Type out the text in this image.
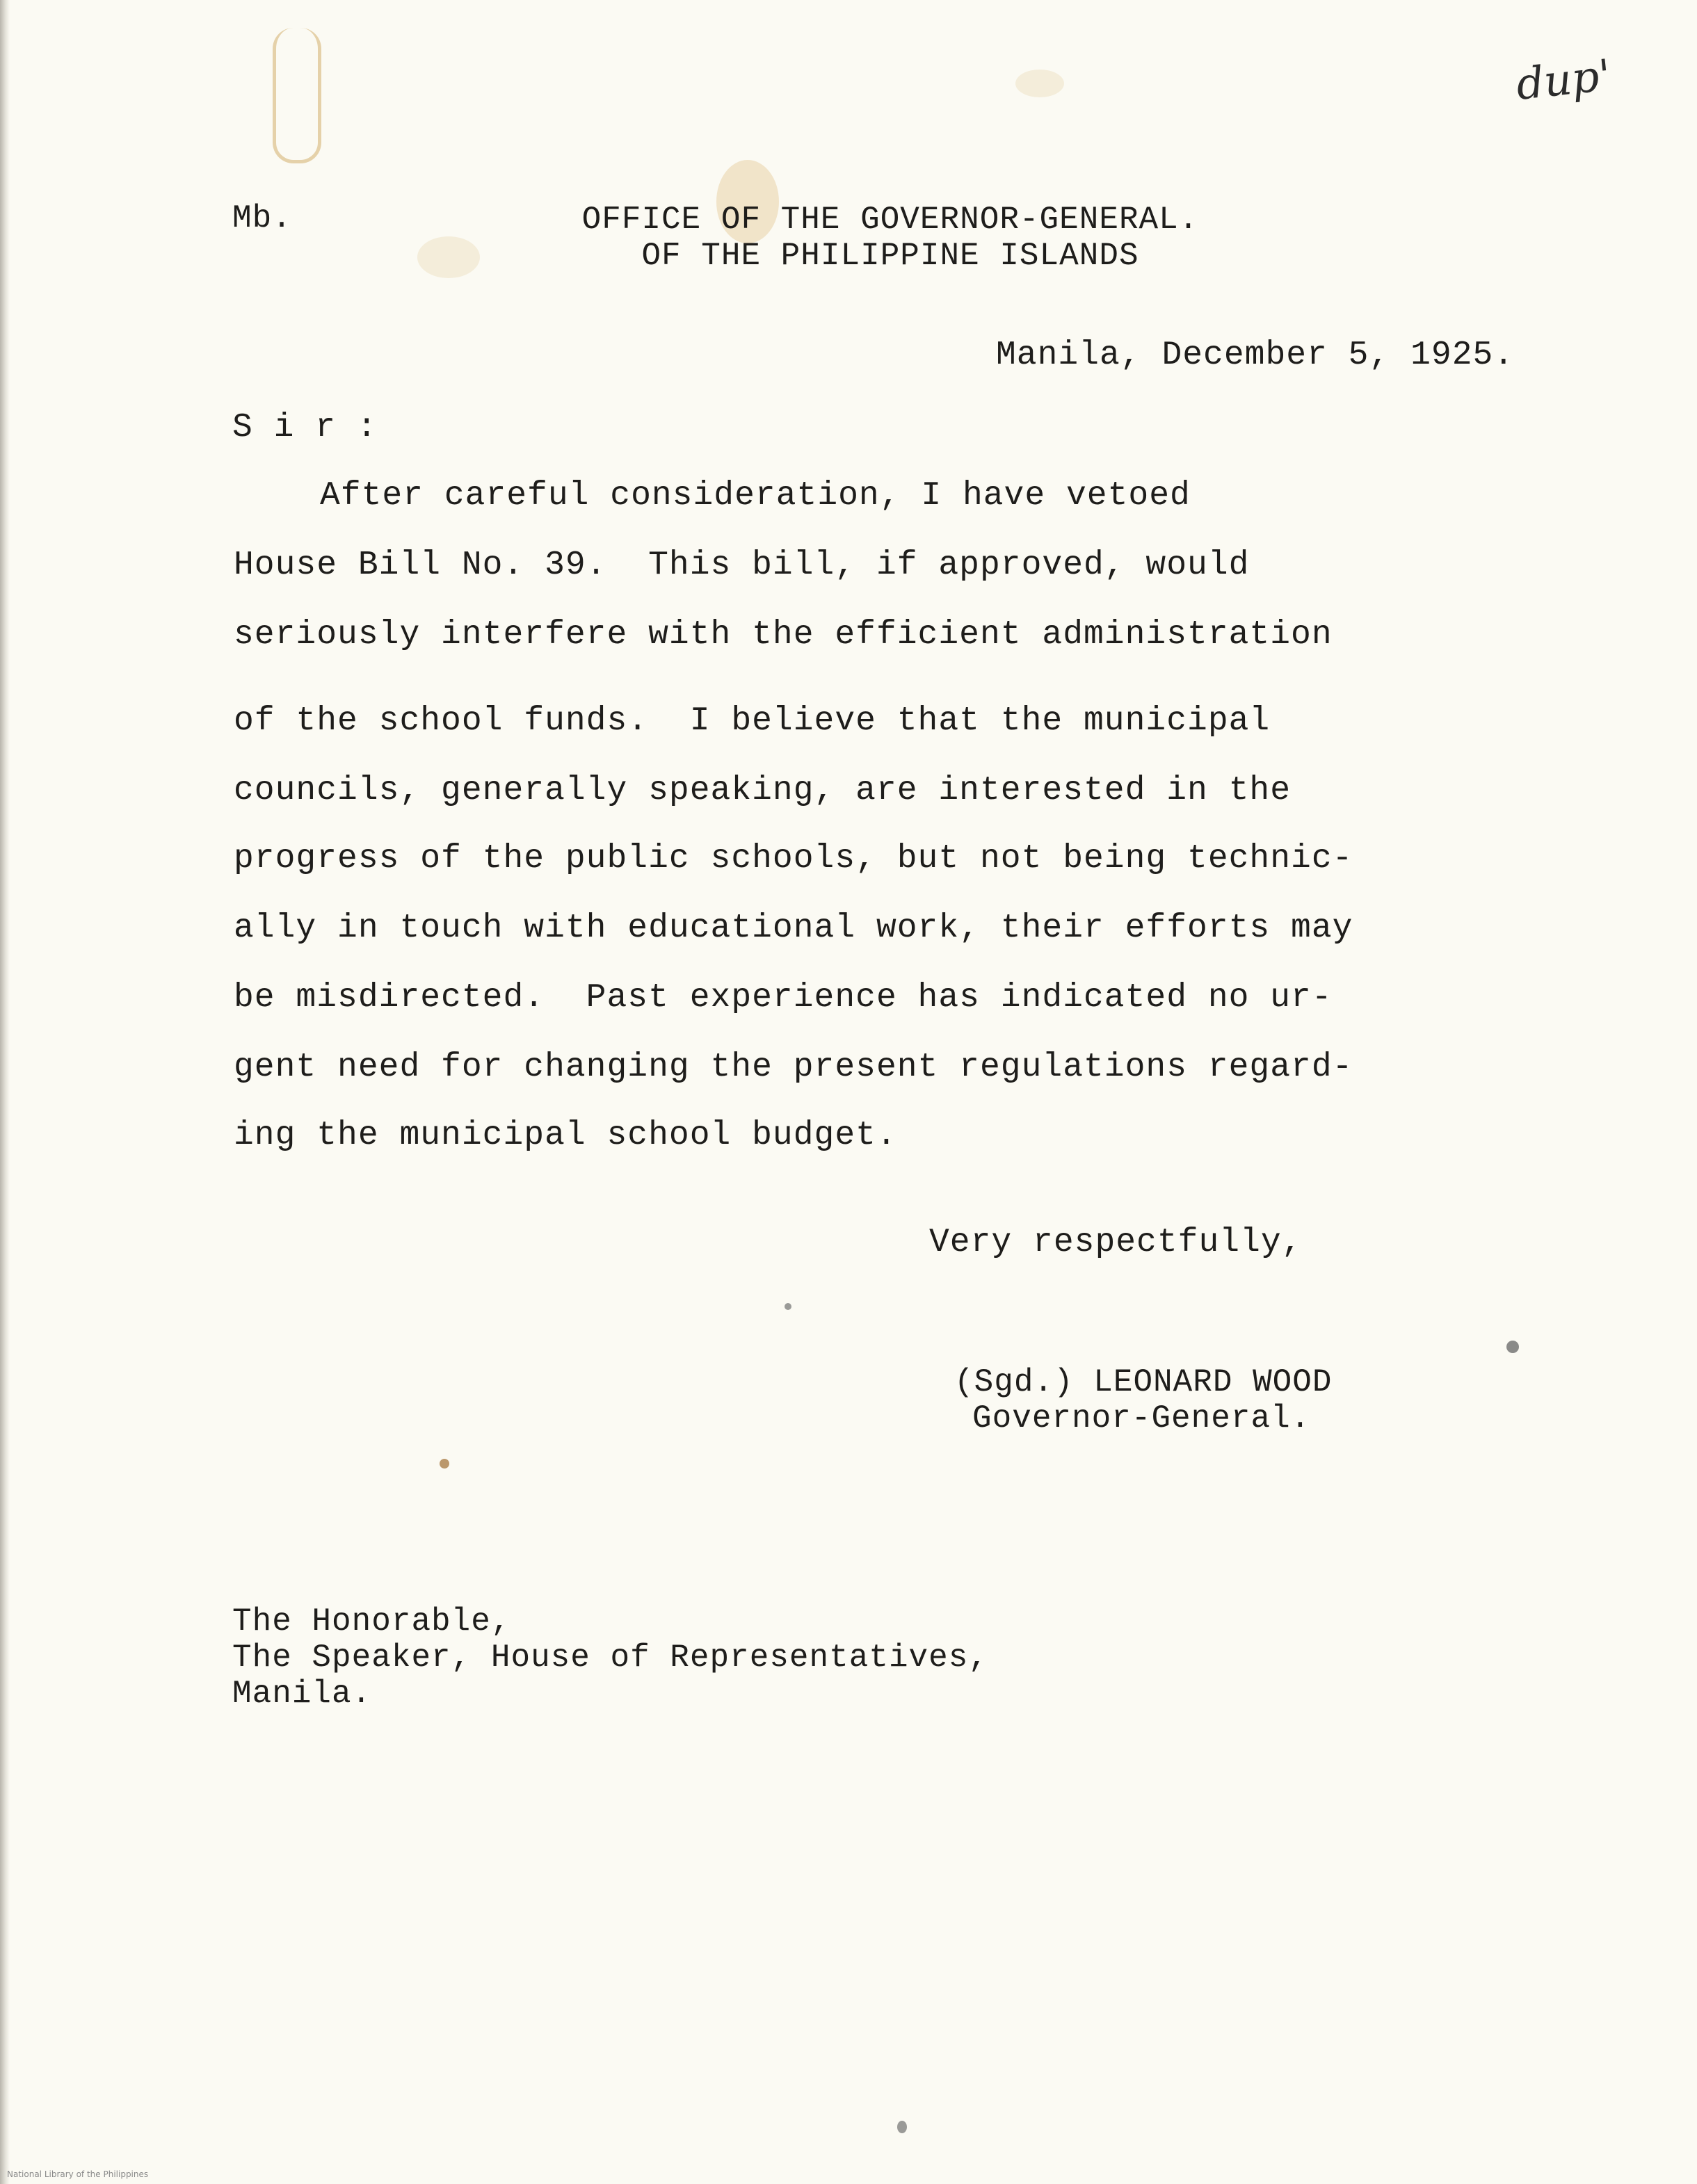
dup'

Mb.	OFFICE OF THE GOVERNOR-GENERAL.

OF THE PHILIPPINE ISLANDS

Manila, December 5, 1925.

S i r :

After careful consideration, I have vetoed

House Bill No. 39.  This bill, if approved, would

seriously interfere with the efficient administration

of the school funds.  I believe that the municipal

councils, generally speaking, are interested in the

progress of the public schools, but not being technic-

ally in touch with educational work, their efforts may

be misdirected.  Past experience has indicated no ur-

gent need for changing the present regulations regard-

ing the municipal school budget.

Very respectfully,

(Sgd.) LEONARD WOOD

Governor-General.

The Honorable,

The Speaker, House of Representatives,

Manila.

National Library of the Philippines
